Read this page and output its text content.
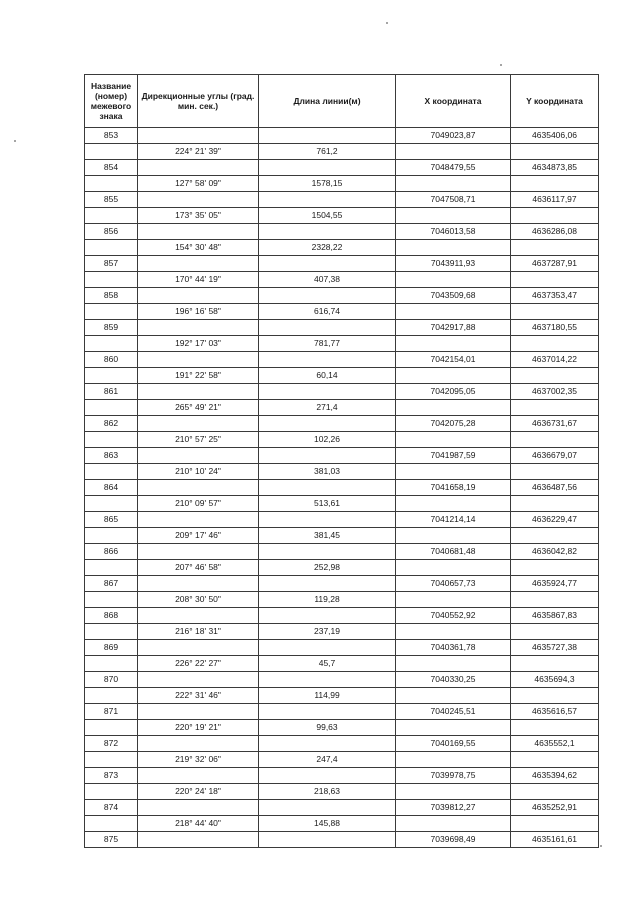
Название (номер) межевого знака	Дирекционные углы (град. мин. сек.)	Длина линии(м)	X координата	Y координата
853			7049023,87	4635406,06
	224° 21' 39"	761,2		
854			7048479,55	4634873,85
	127° 58' 09"	1578,15		
855			7047508,71	4636117,97
	173° 35' 05"	1504,55		
856			7046013,58	4636286,08
	154° 30' 48"	2328,22		
857			7043911,93	4637287,91
	170° 44' 19"	407,38		
858			7043509,68	4637353,47
	196° 16' 58"	616,74		
859			7042917,88	4637180,55
	192° 17' 03"	781,77		
860			7042154,01	4637014,22
	191° 22' 58"	60,14		
861			7042095,05	4637002,35
	265° 49' 21"	271,4		
862			7042075,28	4636731,67
	210° 57' 25"	102,26		
863			7041987,59	4636679,07
	210° 10' 24"	381,03		
864			7041658,19	4636487,56
	210° 09' 57"	513,61		
865			7041214,14	4636229,47
	209° 17' 46"	381,45		
866			7040681,48	4636042,82
	207° 46' 58"	252,98		
867			7040657,73	4635924,77
	208° 30' 50"	119,28		
868			7040552,92	4635867,83
	216° 18' 31"	237,19		
869			7040361,78	4635727,38
	226° 22' 27"	45,7		
870			7040330,25	4635694,3
	222° 31' 46"	114,99		
871			7040245,51	4635616,57
	220° 19' 21"	99,63		
872			7040169,55	4635552,1
	219° 32' 06"	247,4		
873			7039978,75	4635394,62
	220° 24' 18"	218,63		
874			7039812,27	4635252,91
	218° 44' 40"	145,88		
875			7039698,49	4635161,61
